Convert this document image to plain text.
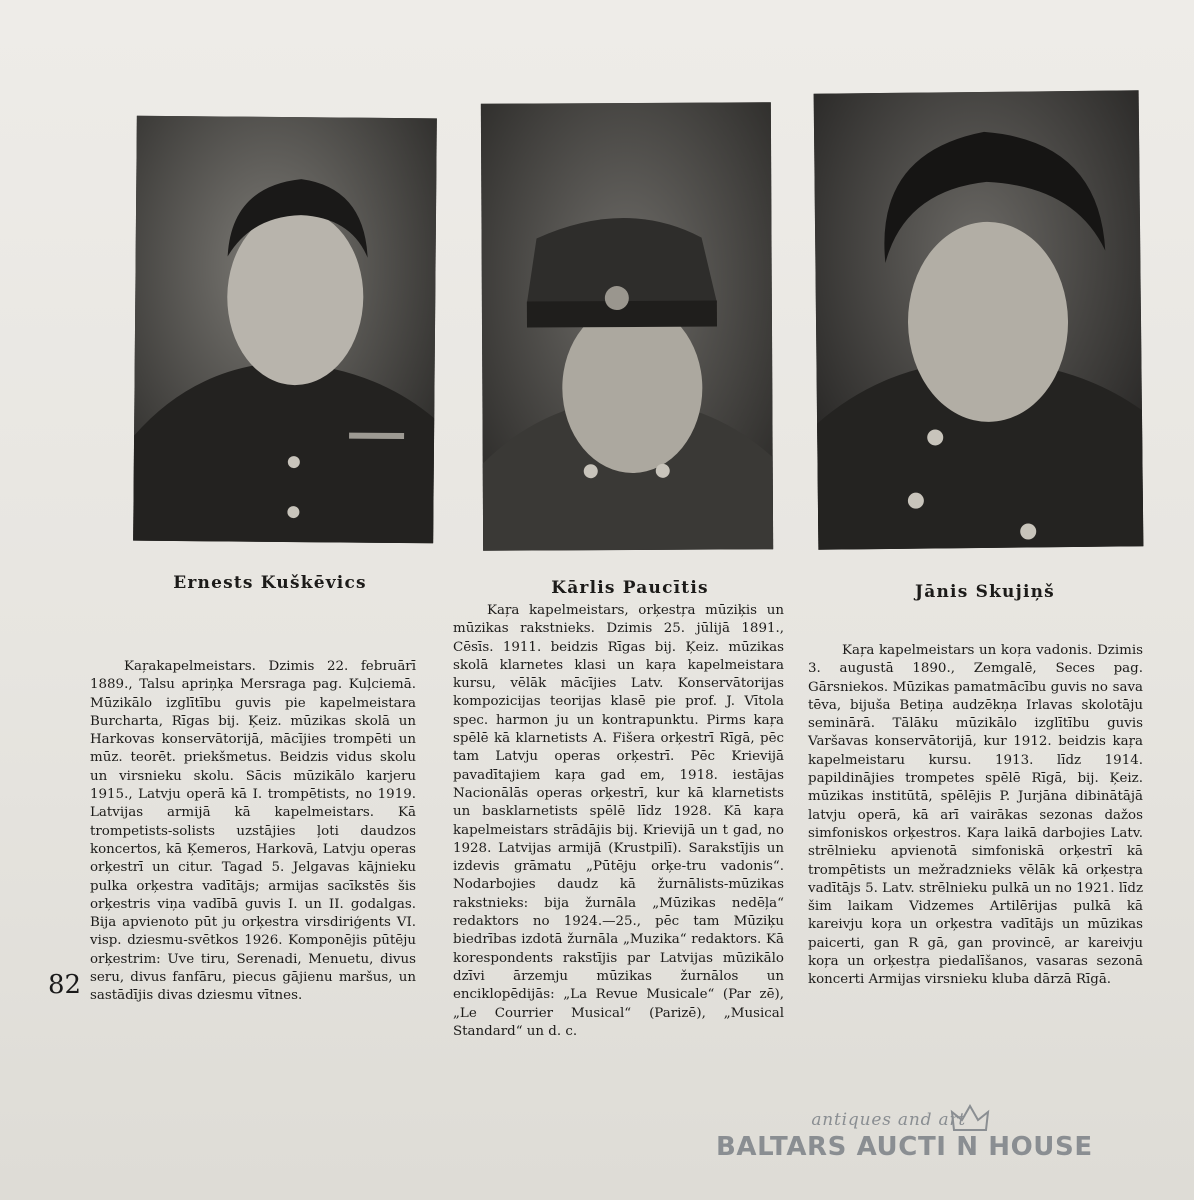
Ernests Kuškēvics

Kaŗakapelmeistars. Dzimis 22. februārī 1889., Talsu apriņķa Mersraga pag. Kuļciemā. Mūzikālo izglītību guvis pie kapelmeistara Burcharta, Rīgas bij. Ķeiz. mūzikas skolā un Harkovas konservātorijā, mācījies trompēti un mūz. teorēt. priekšmetus. Beidzis vidus skolu un virsnieku skolu. Sācis mūzikālo karjeru 1915., Latvju operā kā I. trompētists, no 1919. Latvijas armijā kā kapelmeistars. Kā trompetists-solists uzstājies ļoti daudzos koncertos, kā Ķemeros, Harkovā, Latvju operas orķestrī un citur. Tagad 5. Jelgavas kājnieku pulka orķestra vadītājs; armijas sacīkstēs šis orķestris viņa vadībā guvis I. un II. godalgas. Bija apvienoto pūt ju orķestra virsdiriģents VI. visp. dziesmu-svētkos 1926. Komponējis pūtēju orķestrim: Uve tiru, Serenadi, Menuetu, divus seru, divus fanfāru, piecus gājienu maršus, un sastādījis divas dziesmu vītnes.

82
Kārlis Paucītis

Kaŗa kapelmeistars, orķestŗa mūziķis un mūzikas rakstnieks. Dzimis 25. jūlijā 1891., Cēsīs. 1911. beidzis Rīgas bij. Ķeiz. mūzikas skolā klarnetes klasi un kaŗa kapelmeistara kursu, vēlāk mācījies Latv. Konservātorijas kompozicijas teorijas klasē pie prof. J. Vītola spec. harmon ju un kontrapunktu. Pirms kaŗa spēlē kā klarnetists A. Fišera orķestrī Rīgā, pēc tam Latvju operas orķestrī. Pēc Krievijā pavadītajiem kaŗa gad em, 1918. iestājas Nacionālās operas orķestrī, kur kā klarnetists un basklarnetists spēlē līdz 1928. Kā kaŗa kapelmeistars strādājis bij. Krievijā un t gad, no 1928. Latvijas armijā (Krustpilī). Sarakstījis un izdevis grāmatu „Pūtēju orķe-tru vadonis“. Nodarbojies daudz kā žurnālists-mūzikas rakstnieks: bija žurnāla „Mūzikas nedēļa“ redaktors no 1924.—25., pēc tam Mūziķu biedrības izdotā žurnāla „Muzika“ redaktors. Kā korespondents rakstījis par Latvijas mūzikālo dzīvi ārzemju mūzikas žurnālos un enciklopēdijās: „La Revue Musicale“ (Par zē), „Le Courrier Musical“ (Parizē), „Musical Standard“ un d. c.

Jānis Skujiņš

Kaŗa kapelmeistars un koŗa vadonis. Dzimis 3. augustā 1890., Zemgalē, Seces pag. Gārsniekos. Mūzikas pamatmācību guvis no sava tēva, bijuša Betiņa audzēkņa Irlavas skolotāju seminārā. Tālāku mūzikālo izglītību guvis Varšavas konservātorijā, kur 1912. beidzis kaŗa kapelmeistaru kursu. 1913. līdz 1914. papildinājies trompetes spēlē Rīgā, bij. Ķeiz. mūzikas institūtā, spēlējis P. Jurjāna dibinātājā latvju operā, kā arī vairākas sezonas dažos simfoniskos orķestros. Kaŗa laikā darbojies Latv. strēlnieku apvienotā simfoniskā orķestrī kā trompētists un mežradznieks vēlāk kā orķestŗa vadītājs 5. Latv. strēlnieku pulkā un no 1921. līdz šim laikam Vidzemes Artilērijas pulkā kā kareivju koŗa un orķestra vadītājs un mūzikas paicerti, gan R gā, gan provincē, ar kareivju koŗa un orķestŗa piedalīšanos, vasaras sezonā koncerti Armijas virsnieku kluba dārzā Rīgā.

antiques and art
BALTARS AUCTI N HOUSE
